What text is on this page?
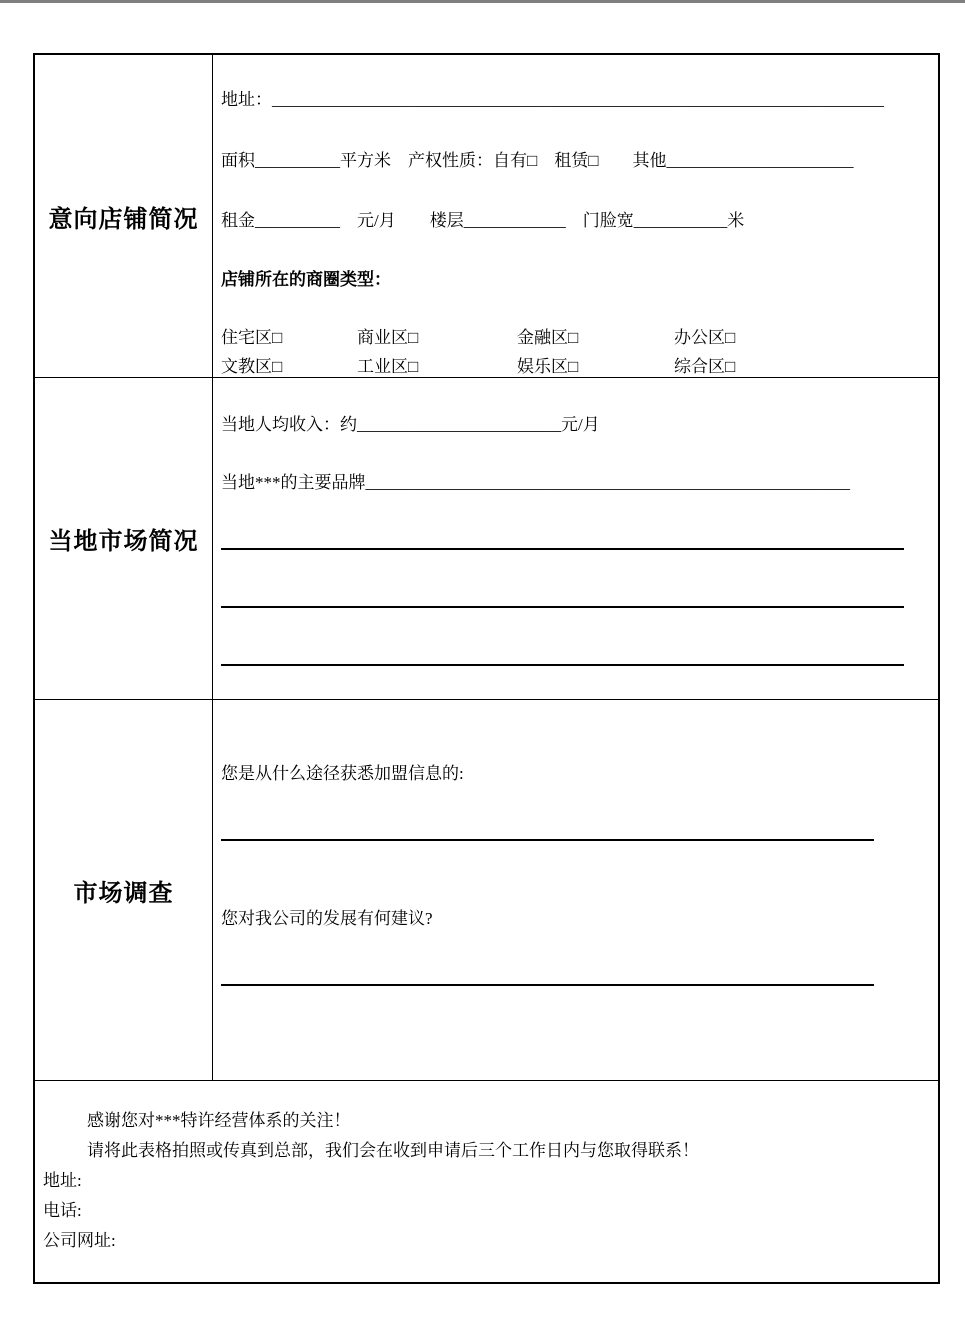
意向店铺简况
地址：________________________________________________________________________
面积__________平方米　产权性质：自有□　租赁□　　其他______________________
租金__________　元/月　　楼层____________　门脸宽___________米
店铺所在的商圈类型：
住宅区□	商业区□	金融区□	办公区□
文教区□	工业区□	娱乐区□	综合区□
当地市场简况
当地人均收入：约________________________元/月
当地***的主要品牌_________________________________________________________
市场调查
您是从什么途径获悉加盟信息的:
您对我公司的发展有何建议?
感谢您对***特许经营体系的关注！
请将此表格拍照或传真到总部，我们会在收到申请后三个工作日内与您取得联系！
地址:
电话:
公司网址:
